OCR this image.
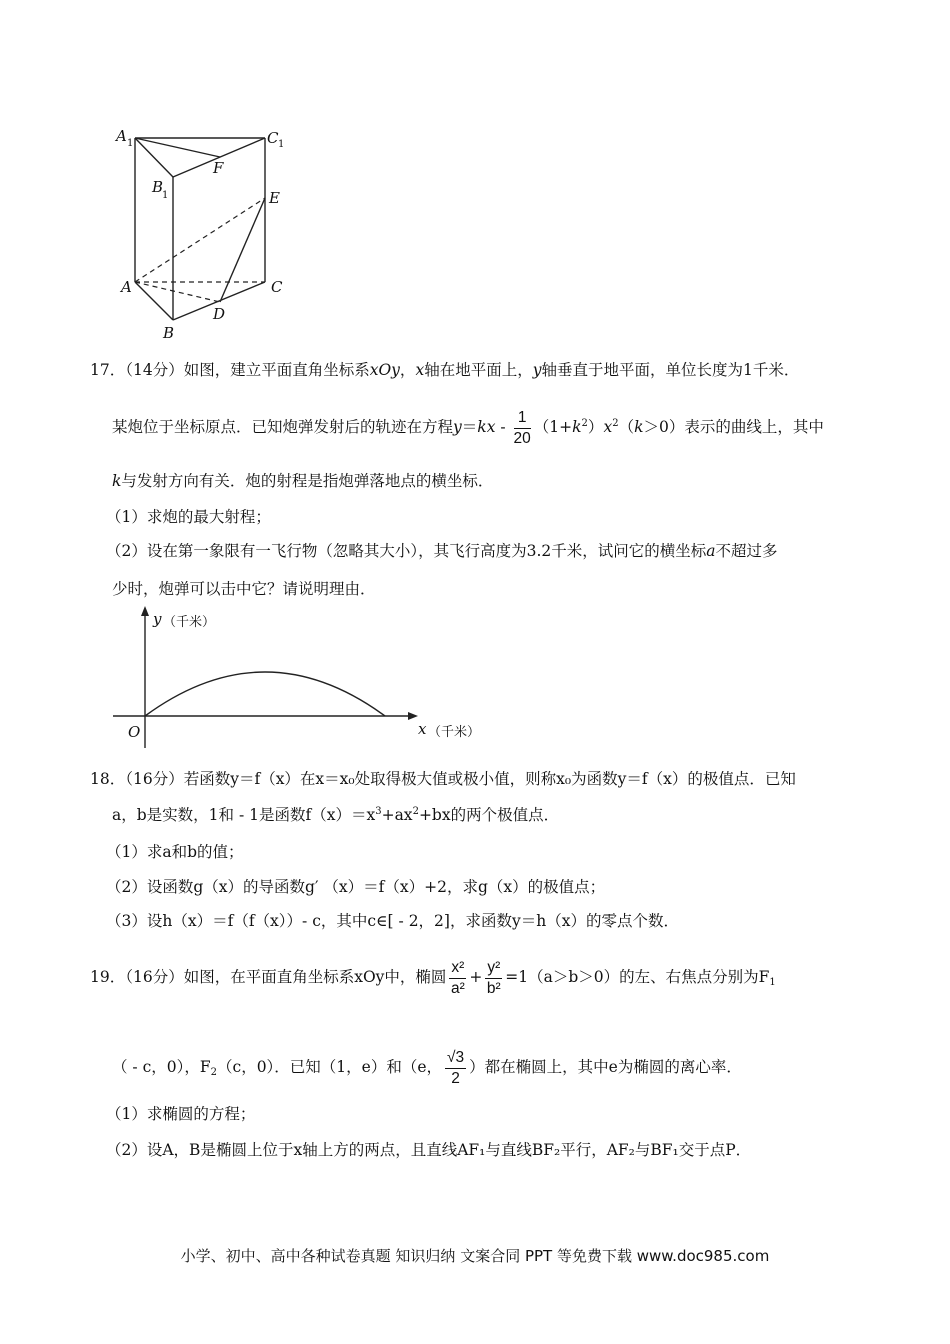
A 1	C 1
B
1
F
E
A	C
B
D
17．（14分）如图，建立平面直角坐标系xOy，x轴在地平面上，y轴垂直于地平面，单位长度为1千米．
某炮位于坐标原点．已知炮弹发射后的轨迹在方程$y=kx - \frac{1}{20} (1+k^2)x^2(k>0)$表示的曲线上，其中
k与发射方向有关．炮的射程是指炮弹落地点的横坐标．
（1）求炮的最大射程；
（2）设在第一象限有一飞行物（忽略其大小），其飞行高度为3.2千米，试问它的横坐标a不超过多
少时，炮弹可以击中它？请说明理由．
y （千米）
O	x （千米）
18．（16分）若函数y＝f（x）在x＝x₀处取得极大值或极小值，则称x₀为函数y＝f（x）的极值点．已知
a，b是实数，1和 - 1是函数$f(x)=x^3+ax^2+bx$的两个极值点．
（1）求a和b的值；
（2）设函数g（x）的导函数g′ （x）＝f（x）+2，求g（x）的极值点；
（3）设h（x）＝f（f（x））- c，其中c∈[ - 2，2]，求函数y＝h（x）的零点个数．
19．（16分）如图，在平面直角坐标系xOy中，椭圆 $\frac{\text{x²}}{\text{a²}} + \frac{\text{y²}}{\text{b²}} =1(a>b>0)$的左、右焦点分别为$F_1$
（ - c，0），$F_2(c$，0）．已知（1，e）和（e， $\frac{√3}{2}$ ）都在椭圆上，其中e为椭圆的离心率．
（1）求椭圆的方程；
（2）设A，B是椭圆上位于x轴上方的两点，且直线AF₁与直线BF₂平行，AF₂与BF₁交于点P．
小学、初中、高中各种试卷真题 知识归纳 文案合同 PPT 等免费下载 www.doc985.com
